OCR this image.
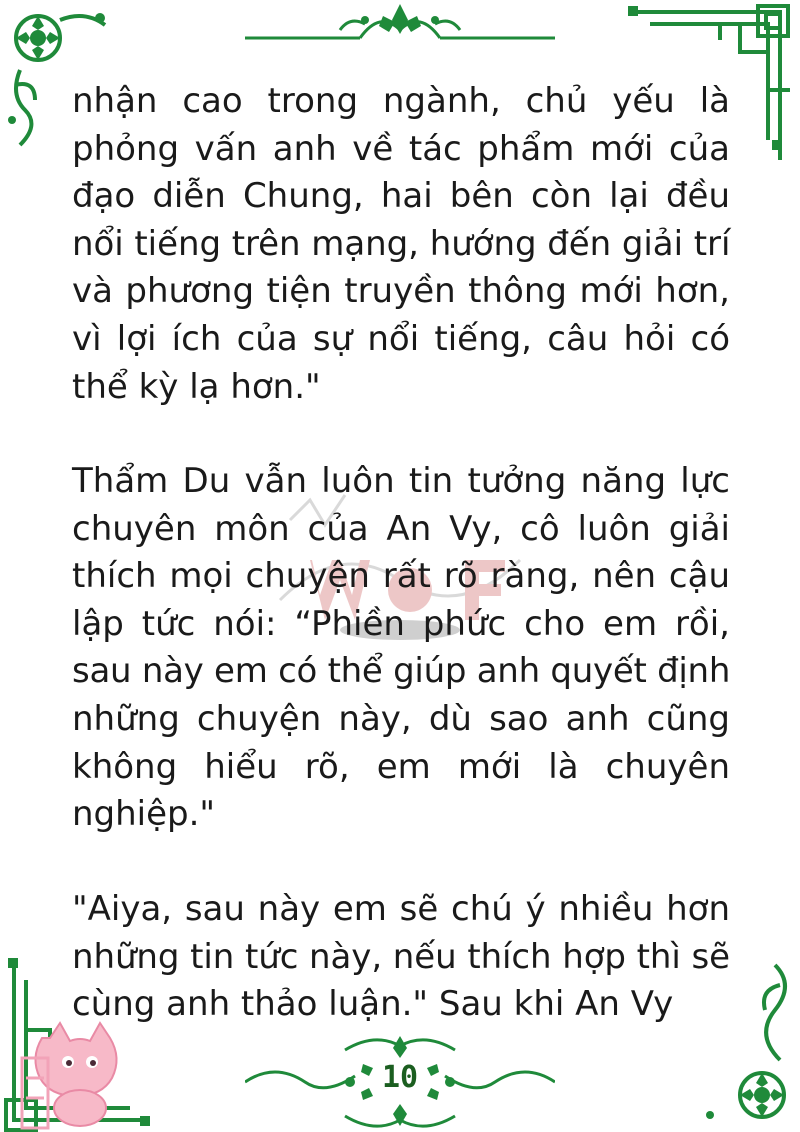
nhận cao trong ngành, chủ yếu là
phỏng vấn anh về tác phẩm mới của
đạo diễn Chung, hai bên còn lại đều
nổi tiếng trên mạng, hướng đến giải trí
và phương tiện truyền thông mới hơn,
vì lợi ích của sự nổi tiếng, câu hỏi có
thể kỳ lạ hơn."

Thẩm Du vẫn luôn tin tưởng năng lực
chuyên môn của An Vy, cô luôn giải
thích mọi chuyện rất rõ ràng, nên cậu
lập tức nói: “Phiền phức cho em rồi,
sau này em có thể giúp anh quyết định
những chuyện này, dù sao anh cũng
không hiểu rõ, em mới là chuyên
nghiệp."

"Aiya, sau này em sẽ chú ý nhiều hơn
những tin tức này, nếu thích hợp thì sẽ
cùng anh thảo luận." Sau khi An Vy

10
